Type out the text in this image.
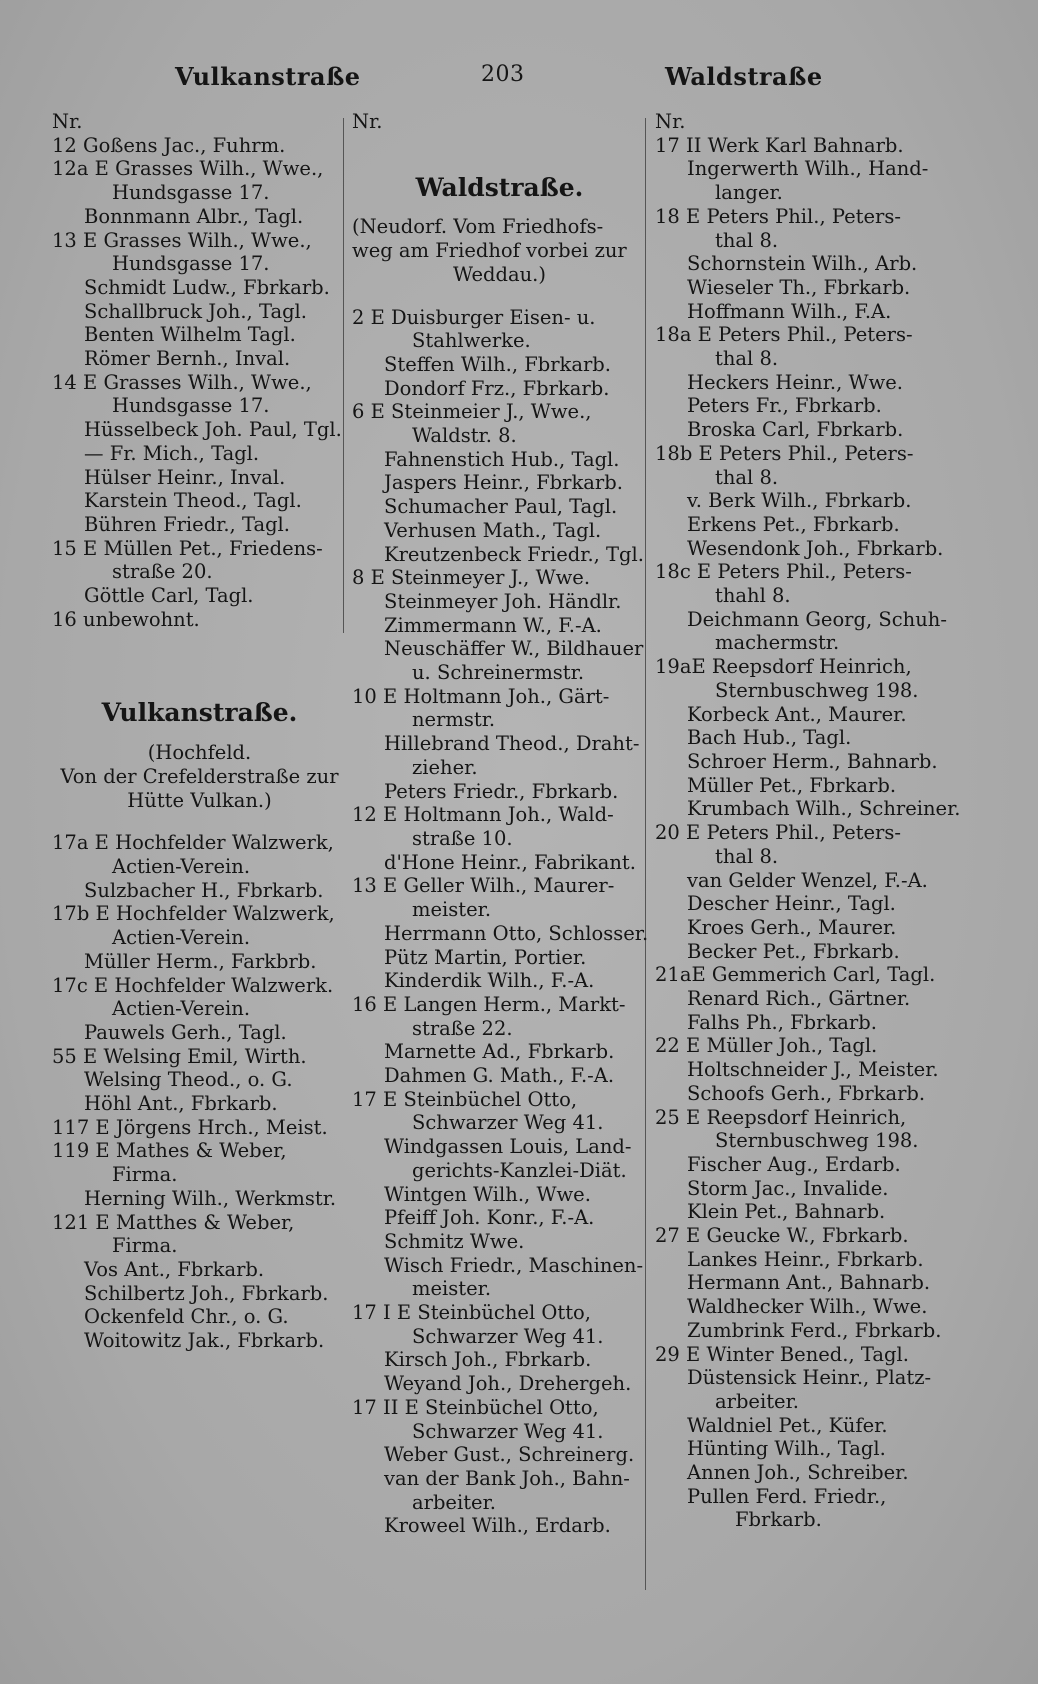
Vulkanstraße	203	Waldstraße
Nr.
12 Goßens Jac., Fuhrm.
12a E Grasses Wilh., Wwe.,
Hundsgasse 17.
Bonnmann Albr., Tagl.
13 E Grasses Wilh., Wwe.,
Hundsgasse 17.
Schmidt Ludw., Fbrkarb.
Schallbruck Joh., Tagl.
Benten Wilhelm Tagl.
Römer Bernh., Inval.
14 E Grasses Wilh., Wwe.,
Hundsgasse 17.
Hüsselbeck Joh. Paul, Tgl.
— Fr. Mich., Tagl.
Hülser Heinr., Inval.
Karstein Theod., Tagl.
Bühren Friedr., Tagl.
15 E Müllen Pet., Friedens-
straße 20.
Göttle Carl, Tagl.
16 unbewohnt.
Vulkanstraße.
(Hochfeld.
Von der Crefelderstraße zur
Hütte Vulkan.)
17a E Hochfelder Walzwerk,
Actien-Verein.
Sulzbacher H., Fbrkarb.
17b E Hochfelder Walzwerk,
Actien-Verein.
Müller Herm., Farkbrb.
17c E Hochfelder Walzwerk.
Actien-Verein.
Pauwels Gerh., Tagl.
55 E Welsing Emil, Wirth.
Welsing Theod., o. G.
Höhl Ant., Fbrkarb.
117 E Jörgens Hrch., Meist.
119 E Mathes & Weber,
Firma.
Herning Wilh., Werkmstr.
121 E Matthes & Weber,
Firma.
Vos Ant., Fbrkarb.
Schilbertz Joh., Fbrkarb.
Ockenfeld Chr., o. G.
Woitowitz Jak., Fbrkarb.
Nr.
Waldstraße.
(Neudorf. Vom Friedhofs-
weg am Friedhof vorbei zur
Weddau.)
2 E Duisburger Eisen- u.
Stahlwerke.
Steffen Wilh., Fbrkarb.
Dondorf Frz., Fbrkarb.
6 E Steinmeier J., Wwe.,
Waldstr. 8.
Fahnenstich Hub., Tagl.
Jaspers Heinr., Fbrkarb.
Schumacher Paul, Tagl.
Verhusen Math., Tagl.
Kreutzenbeck Friedr., Tgl.
8 E Steinmeyer J., Wwe.
Steinmeyer Joh. Händlr.
Zimmermann W., F.-A.
Neuschäffer W., Bildhauer
u. Schreinermstr.
10 E Holtmann Joh., Gärt-
nermstr.
Hillebrand Theod., Draht-
zieher.
Peters Friedr., Fbrkarb.
12 E Holtmann Joh., Wald-
straße 10.
d'Hone Heinr., Fabrikant.
13 E Geller Wilh., Maurer-
meister.
Herrmann Otto, Schlosser.
Pütz Martin, Portier.
Kinderdik Wilh., F.-A.
16 E Langen Herm., Markt-
straße 22.
Marnette Ad., Fbrkarb.
Dahmen G. Math., F.-A.
17 E Steinbüchel Otto,
Schwarzer Weg 41.
Windgassen Louis, Land-
gerichts-Kanzlei-Diät.
Wintgen Wilh., Wwe.
Pfeiff Joh. Konr., F.-A.
Schmitz Wwe.
Wisch Friedr., Maschinen-
meister.
17 I E Steinbüchel Otto,
Schwarzer Weg 41.
Kirsch Joh., Fbrkarb.
Weyand Joh., Drehergeh.
17 II E Steinbüchel Otto,
Schwarzer Weg 41.
Weber Gust., Schreinerg.
van der Bank Joh., Bahn-
arbeiter.
Kroweel Wilh., Erdarb.
Nr.
17 II Werk Karl Bahnarb.
Ingerwerth Wilh., Hand-
langer.
18 E Peters Phil., Peters-
thal 8.
Schornstein Wilh., Arb.
Wieseler Th., Fbrkarb.
Hoffmann Wilh., F.A.
18a E Peters Phil., Peters-
thal 8.
Heckers Heinr., Wwe.
Peters Fr., Fbrkarb.
Broska Carl, Fbrkarb.
18b E Peters Phil., Peters-
thal 8.
v. Berk Wilh., Fbrkarb.
Erkens Pet., Fbrkarb.
Wesendonk Joh., Fbrkarb.
18c E Peters Phil., Peters-
thahl 8.
Deichmann Georg, Schuh-
machermstr.
19aE Reepsdorf Heinrich,
Sternbuschweg 198.
Korbeck Ant., Maurer.
Bach Hub., Tagl.
Schroer Herm., Bahnarb.
Müller Pet., Fbrkarb.
Krumbach Wilh., Schreiner.
20 E Peters Phil., Peters-
thal 8.
van Gelder Wenzel, F.-A.
Descher Heinr., Tagl.
Kroes Gerh., Maurer.
Becker Pet., Fbrkarb.
21aE Gemmerich Carl, Tagl.
Renard Rich., Gärtner.
Falhs Ph., Fbrkarb.
22 E Müller Joh., Tagl.
Holtschneider J., Meister.
Schoofs Gerh., Fbrkarb.
25 E Reepsdorf Heinrich,
Sternbuschweg 198.
Fischer Aug., Erdarb.
Storm Jac., Invalide.
Klein Pet., Bahnarb.
27 E Geucke W., Fbrkarb.
Lankes Heinr., Fbrkarb.
Hermann Ant., Bahnarb.
Waldhecker Wilh., Wwe.
Zumbrink Ferd., Fbrkarb.
29 E Winter Bened., Tagl.
Düstensick Heinr., Platz-
arbeiter.
Waldniel Pet., Küfer.
Hünting Wilh., Tagl.
Annen Joh., Schreiber.
Pullen Ferd. Friedr.,
Fbrkarb.
